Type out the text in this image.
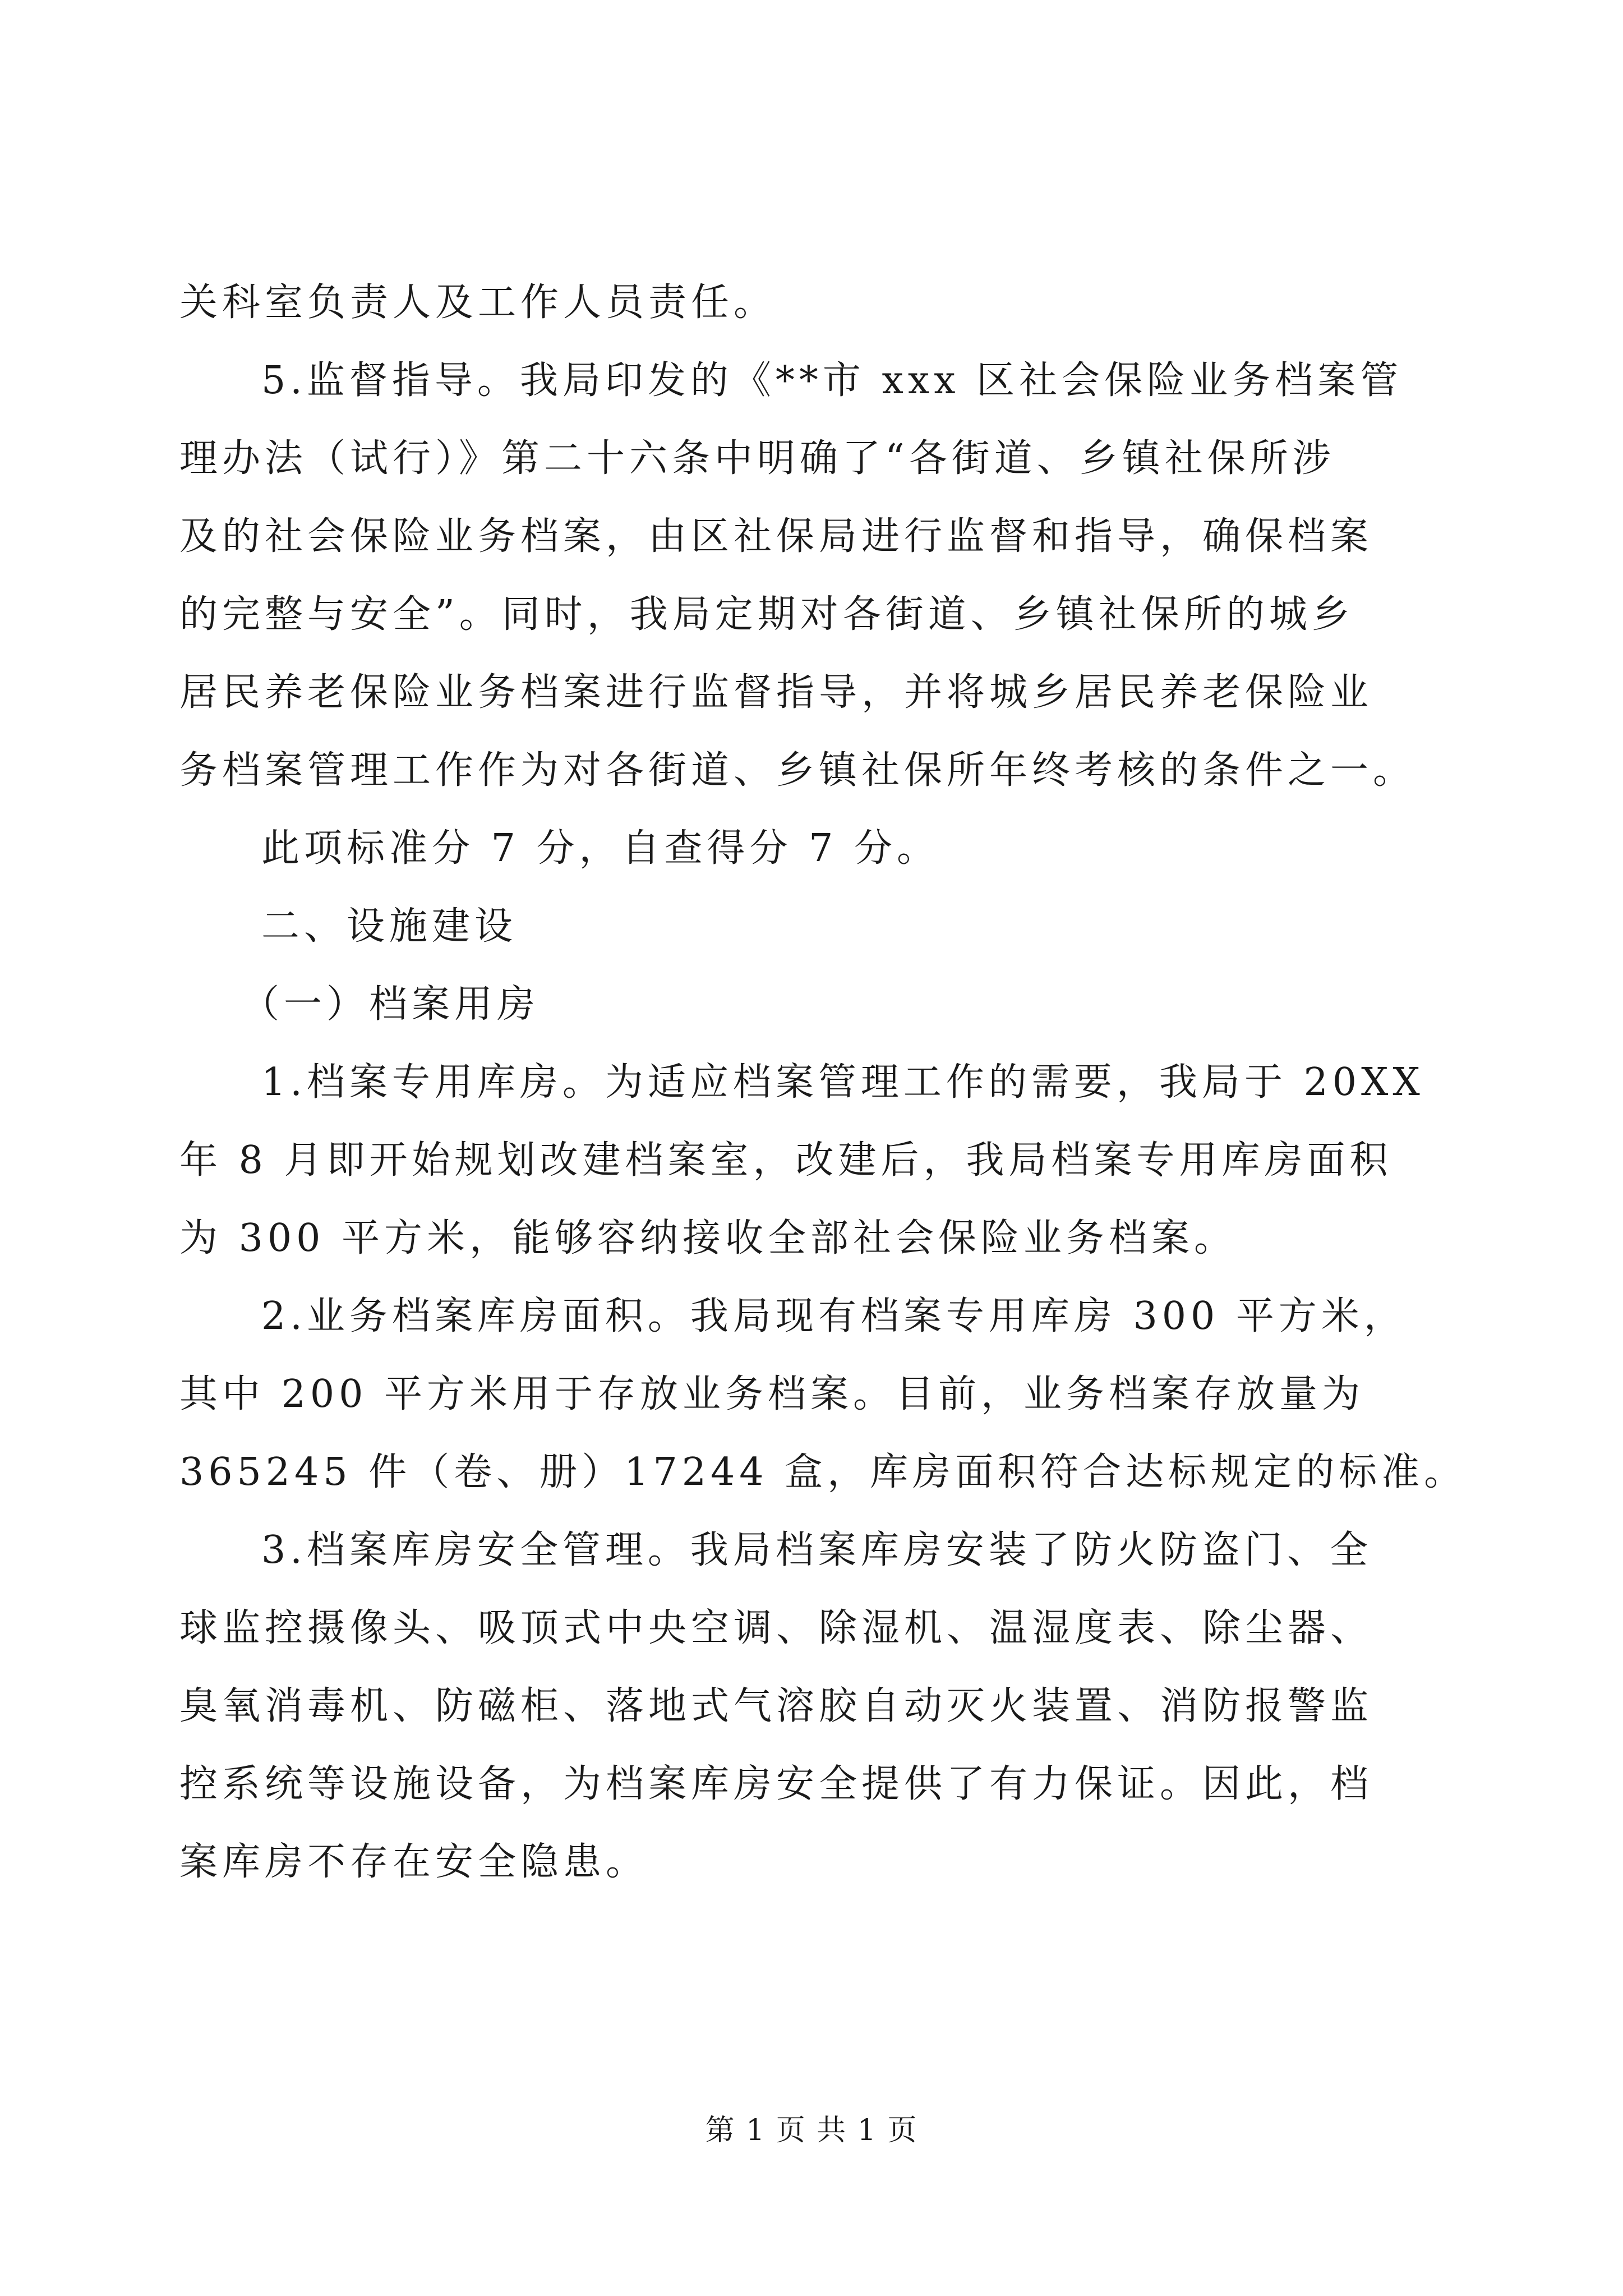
关科室负责人及工作人员责任。
5.监督指导。我局印发的《**市 xxx 区社会保险业务档案管
理办法（试行）》第二十六条中明确了“各街道、乡镇社保所涉
及的社会保险业务档案，由区社保局进行监督和指导，确保档案
的完整与安全”。同时，我局定期对各街道、乡镇社保所的城乡
居民养老保险业务档案进行监督指导，并将城乡居民养老保险业
务档案管理工作作为对各街道、乡镇社保所年终考核的条件之一。
此项标准分 7 分，自查得分 7 分。
二、设施建设
（一）档案用房
1.档案专用库房。为适应档案管理工作的需要，我局于 20XX
年 8 月即开始规划改建档案室，改建后，我局档案专用库房面积
为 300 平方米，能够容纳接收全部社会保险业务档案。
2.业务档案库房面积。我局现有档案专用库房 300 平方米，
其中 200 平方米用于存放业务档案。目前，业务档案存放量为
365245 件（卷、册）17244 盒，库房面积符合达标规定的标准。
3.档案库房安全管理。我局档案库房安装了防火防盗门、全
球监控摄像头、吸顶式中央空调、除湿机、温湿度表、除尘器、
臭氧消毒机、防磁柜、落地式气溶胶自动灭火装置、消防报警监
控系统等设施设备，为档案库房安全提供了有力保证。因此，档
案库房不存在安全隐患。
第 1 页 共 1 页
